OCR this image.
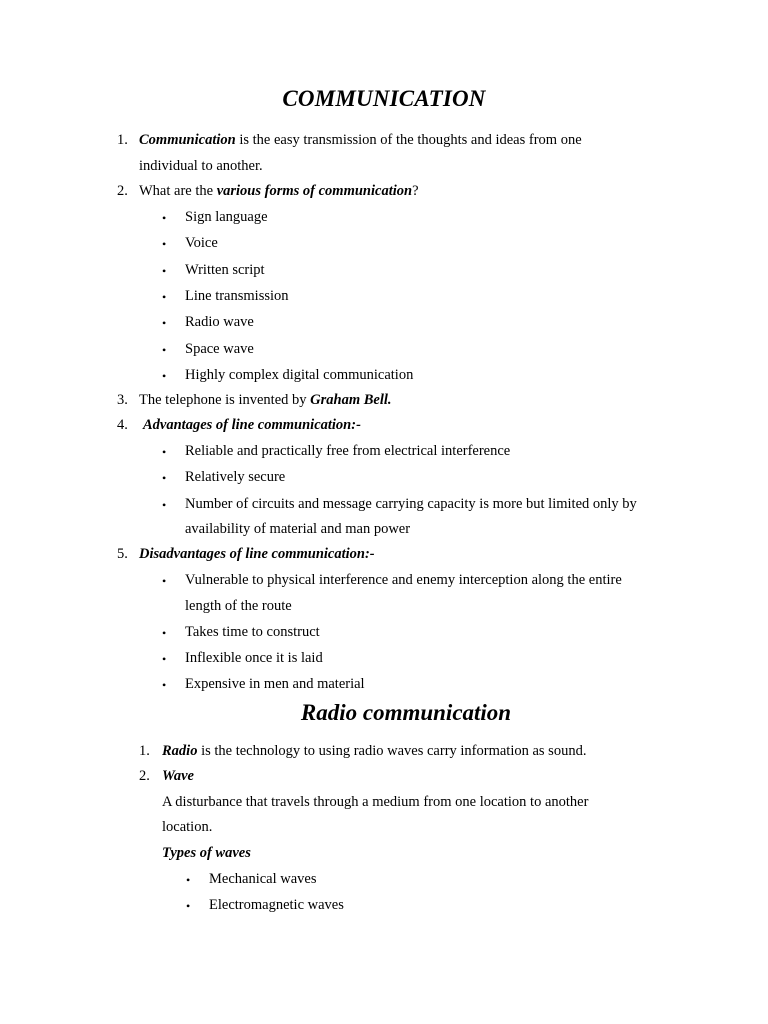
COMMUNICATION
1. Communication is the easy transmission of the thoughts and ideas from one
individual to another.
2. What are the various forms of communication?
• Sign language
• Voice
• Written script
• Line transmission
• Radio wave
• Space wave
• Highly complex digital communication
3. The telephone is invented by Graham Bell.
4. Advantages of line communication:-
• Reliable and practically free from electrical interference
• Relatively secure
• Number of circuits and message carrying capacity is more but limited only by
availability of material and man power
5. Disadvantages of line communication:-
• Vulnerable to physical interference and enemy interception along the entire
length of the route
• Takes time to construct
• Inflexible once it is laid
• Expensive in men and material
Radio communication
1. Radio is the technology to using radio waves carry information as sound.
2. Wave
A disturbance that travels through a medium from one location to another
location.
Types of waves
• Mechanical waves
• Electromagnetic waves
